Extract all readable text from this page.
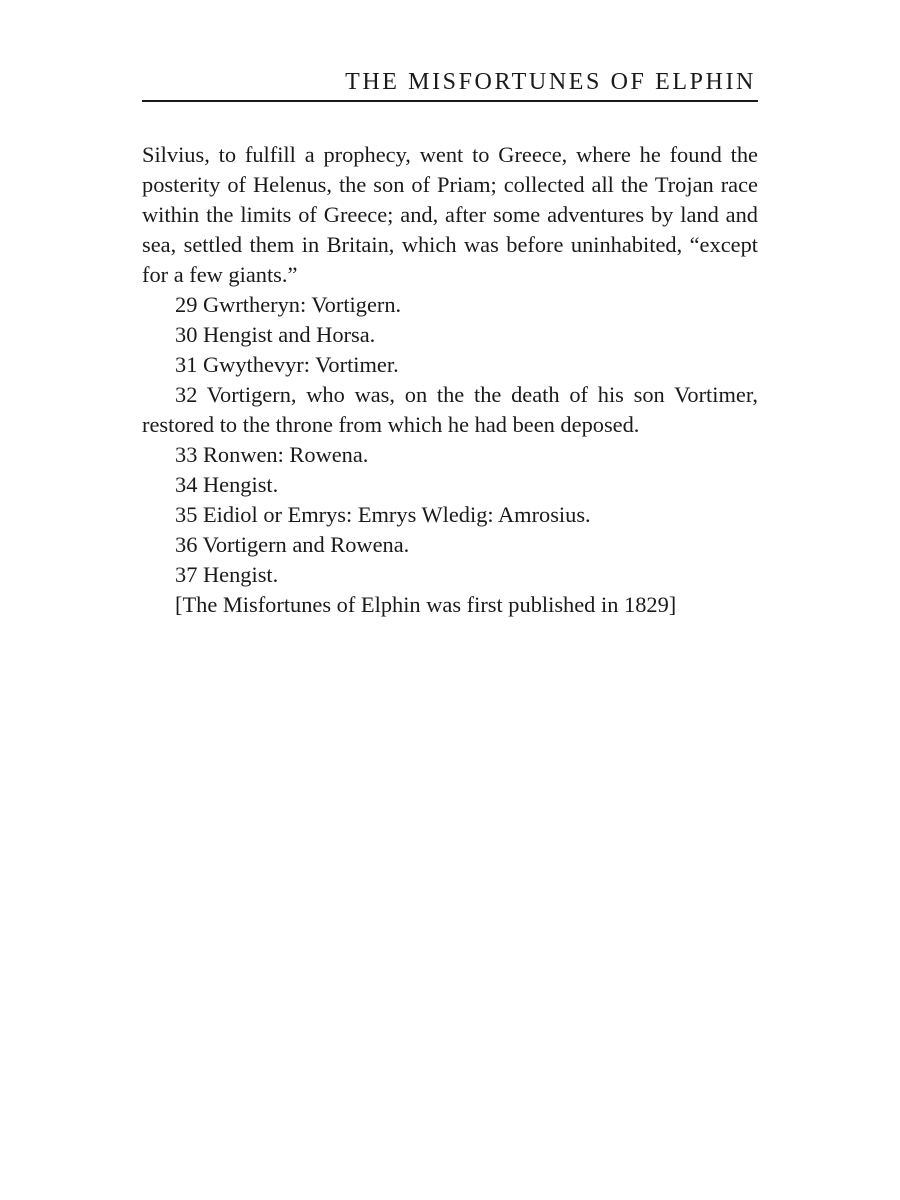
THE MISFORTUNES OF ELPHIN

Silvius, to fulfill a prophecy, went to Greece, where he found the posterity of Helenus, the son of Priam; collected all the Trojan race within the limits of Greece; and, after some adventures by land and sea, settled them in Britain, which was before uninhabited, “except for a few giants.”

29 Gwrtheryn: Vortigern.

30 Hengist and Horsa.

31 Gwythevyr: Vortimer.

32 Vortigern, who was, on the the death of his son Vortimer, restored to the throne from which he had been deposed.

33 Ronwen: Rowena.

34 Hengist.

35 Eidiol or Emrys: Emrys Wledig: Amrosius.

36 Vortigern and Rowena.

37 Hengist.

[The Misfortunes of Elphin was first published in 1829]
